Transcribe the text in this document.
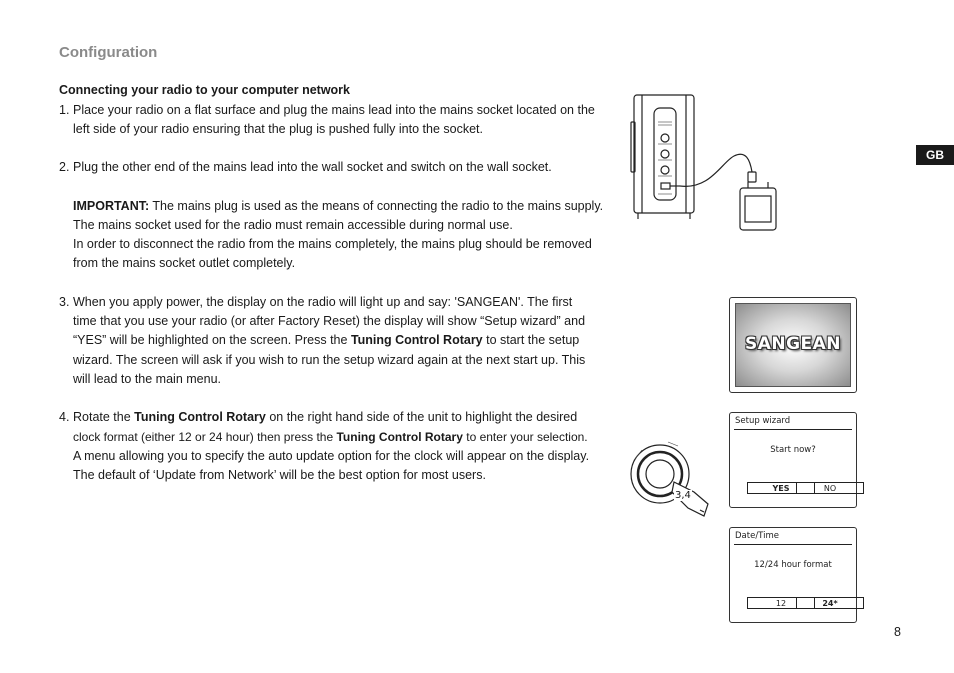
Configuration
GB
Connecting your radio to your computer network
1. Place your radio on a flat surface and plug the mains lead into the mains socket located on the

left side of your radio ensuring that the plug is pushed fully into the socket.

2. Plug the other end of the mains lead into the wall socket and switch on the wall socket.

IMPORTANT: The mains plug is used as the means of connecting the radio to the mains supply.

The mains socket used for the radio must remain accessible during normal use.

In order to disconnect the radio from the mains completely, the mains plug should be removed

from the mains socket outlet completely.

3. When you apply power, the display on the radio will light up and say: 'SANGEAN'. The first

time that you use your radio (or after Factory Reset) the display will show “Setup wizard” and

“YES” will be highlighted on the screen. Press the Tuning Control Rotary to start the setup

wizard. The screen will ask if you wish to run the setup wizard again at the next start up. This

will lead to the main menu.

4. Rotate the Tuning Control Rotary on the right hand side of the unit to highlight the desired

clock format (either 12 or 24 hour) then press the Tuning Control Rotary to enter your selection.

A menu allowing you to specify the auto update option for the clock will appear on the display.

The default of ‘Update from Network’ will be the best option for most users.

SANGEAN
3,4
Setup wizard
Start now?
YES	NO
Date/Time
12/24 hour format
12	24*
8
